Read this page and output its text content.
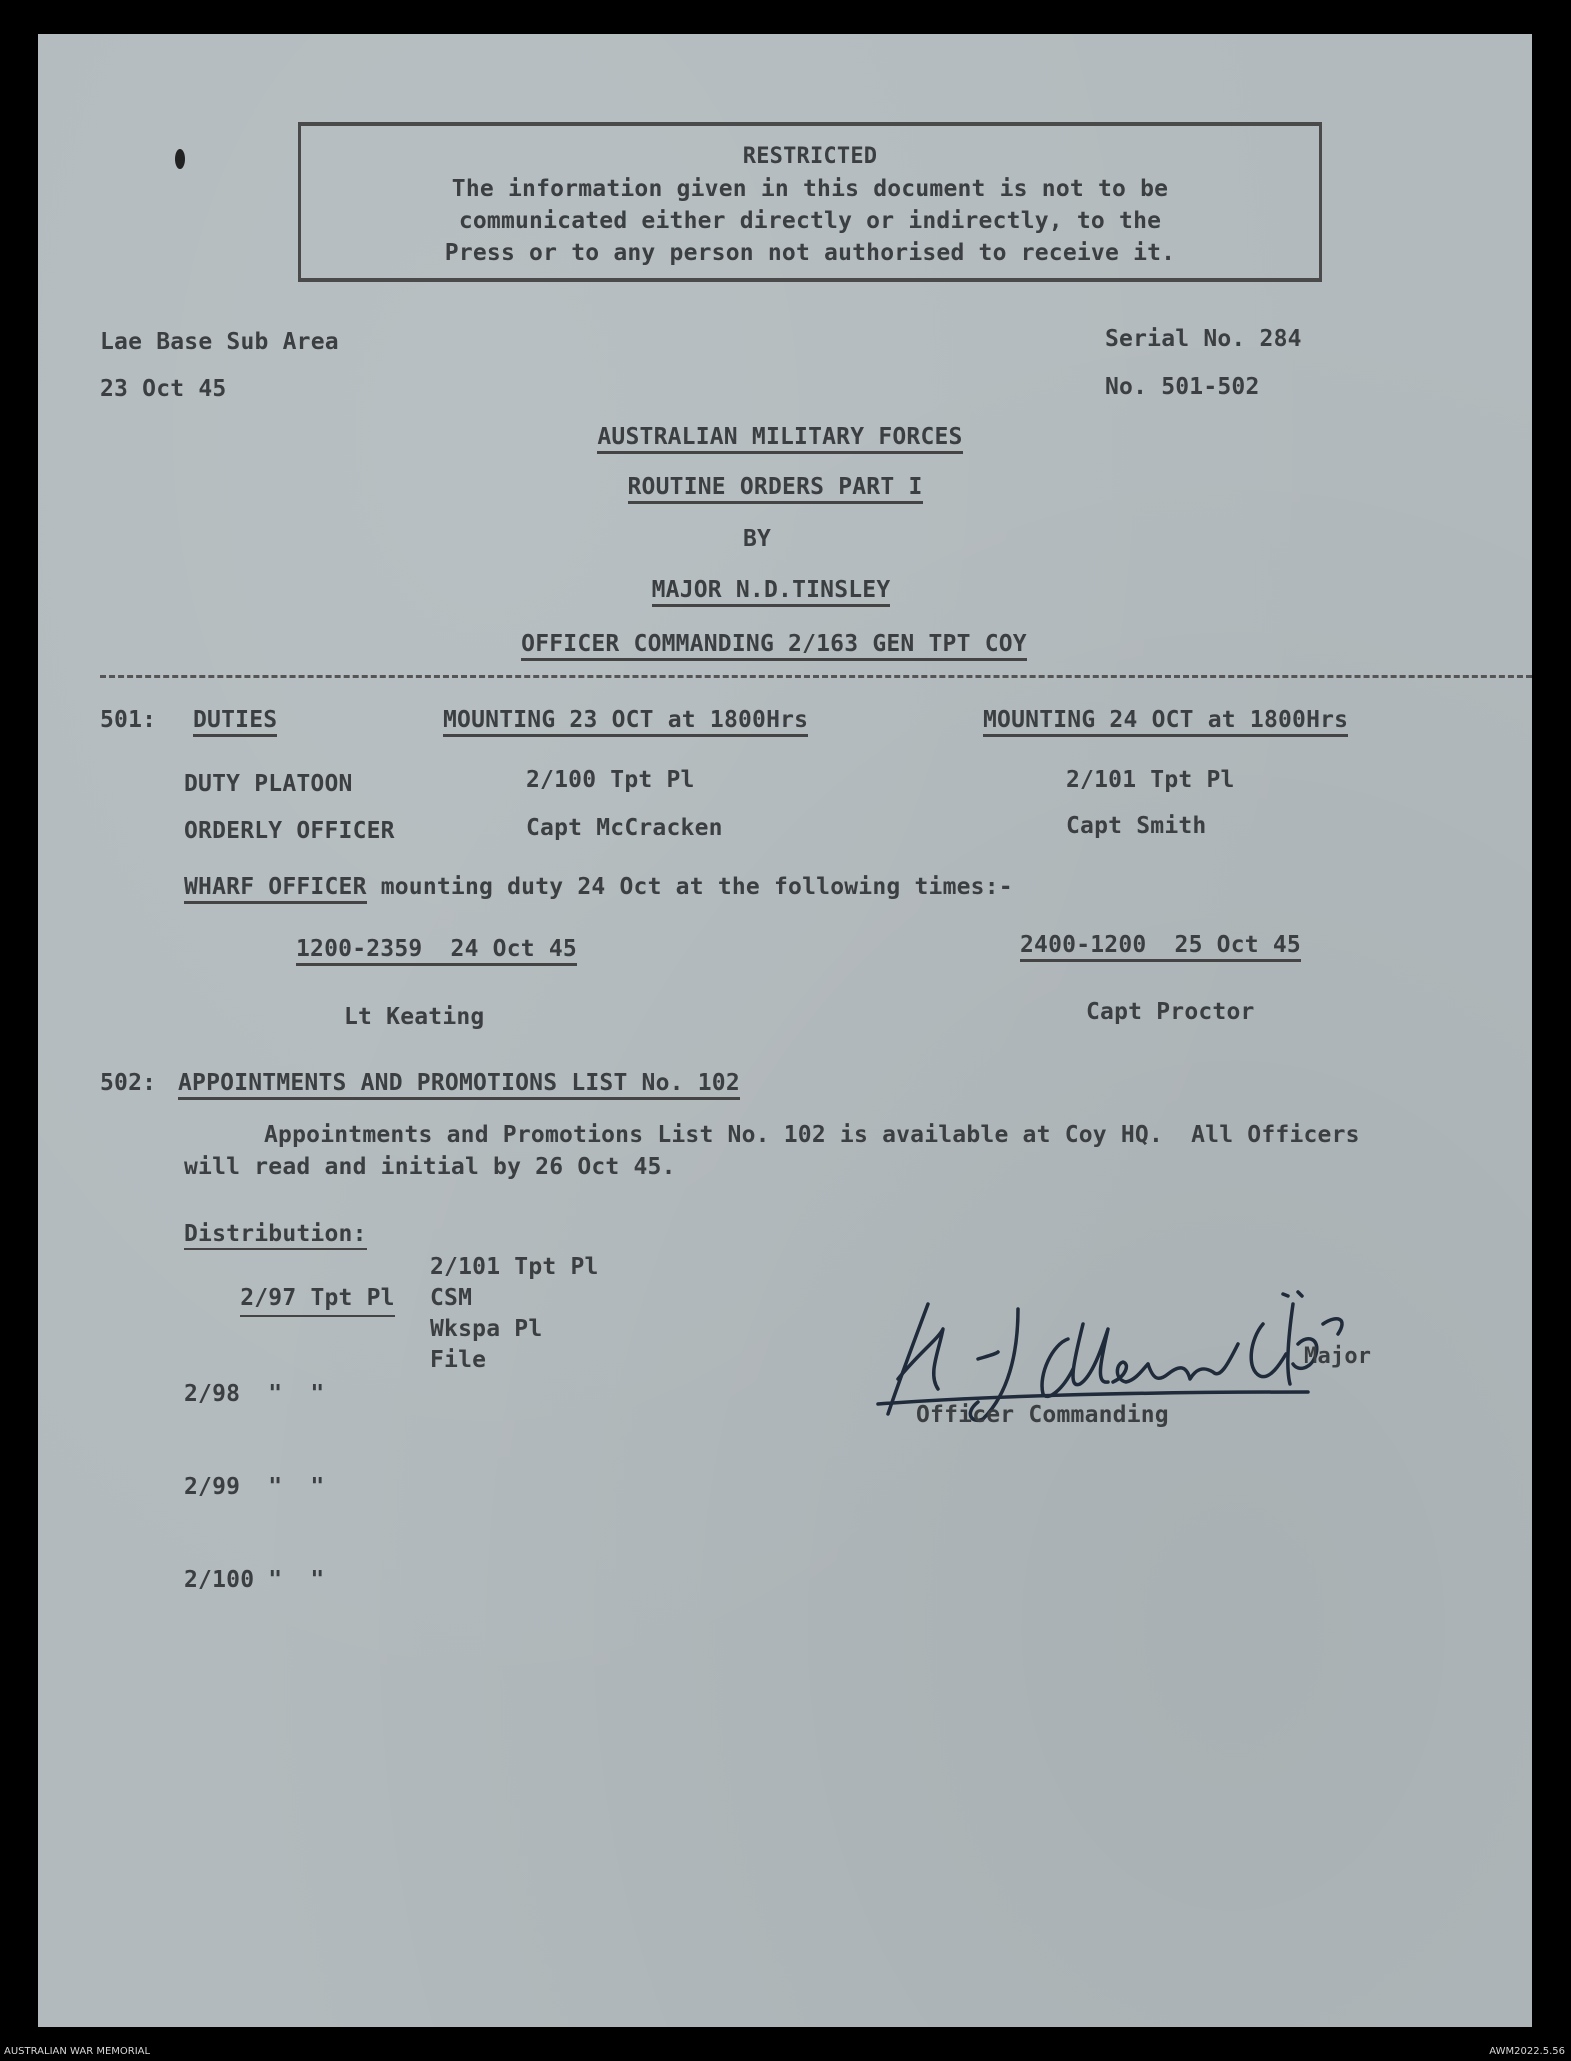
RESTRICTED
The information given in this document is not to be
communicated either directly or indirectly, to the
Press or to any person not authorised to receive it.
Lae Base Sub Area
23 Oct 45
Serial No. 284
No. 501-502
AUSTRALIAN MILITARY FORCES
ROUTINE ORDERS PART I
BY
MAJOR N.D.TINSLEY
OFFICER COMMANDING 2/163 GEN TPT COY
501: DUTIES	MOUNTING 23 OCT at 1800Hrs	MOUNTING 24 OCT at 1800Hrs
DUTY PLATOON	2/100 Tpt Pl	2/101 Tpt Pl
ORDERLY OFFICER	Capt McCracken	Capt Smith
WHARF OFFICER mounting duty 24 Oct at the following times:-
1200-2359  24 Oct 45	2400-1200  25 Oct 45
Lt Keating	Capt Proctor
502: APPOINTMENTS AND PROMOTIONS LIST No. 102
Appointments and Promotions List No. 102 is available at Coy HQ.  All Officers
will read and initial by 26 Oct 45.
Distribution:

2/97 Tpt Pl

2/98  "  "

2/99  "  "

2/100 "  "

2/101 Tpt Pl
CSM
Wkspa Pl
File	Major
Officer Commanding
AUSTRALIAN WAR MEMORIAL	AWM2022.5.56
